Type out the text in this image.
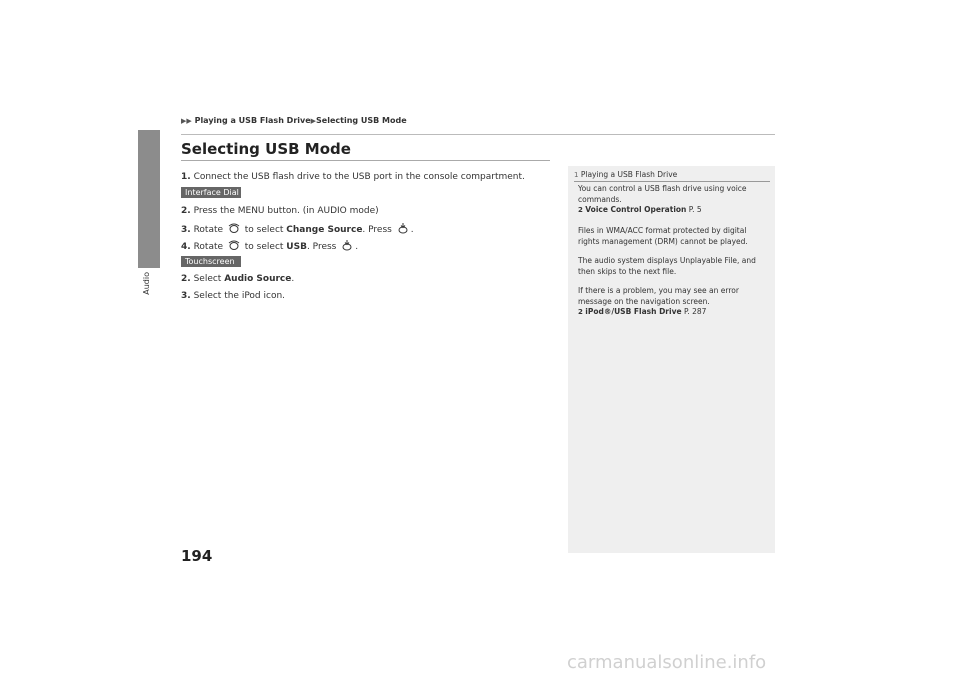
Audio
▶▶ Playing a USB Flash Drive▶Selecting USB Mode
Selecting USB Mode
1. Connect the USB flash drive to the USB port in the console compartment.
Interface Dial
2. Press the MENU button. (in AUDIO mode)
3. Rotate to select Change Source. Press .
4. Rotate to select USB. Press .
Touchscreen
2. Select Audio Source.
3. Select the iPod icon.
1 Playing a USB Flash Drive
You can control a USB flash drive using voice commands.
2 Voice Control Operation P. 5
Files in WMA/ACC format protected by digital rights management (DRM) cannot be played.
The audio system displays Unplayable File, and then skips to the next file.
If there is a problem, you may see an error message on the navigation screen.
2 iPod®/USB Flash Drive P. 287
194
carmanualsonline.info
